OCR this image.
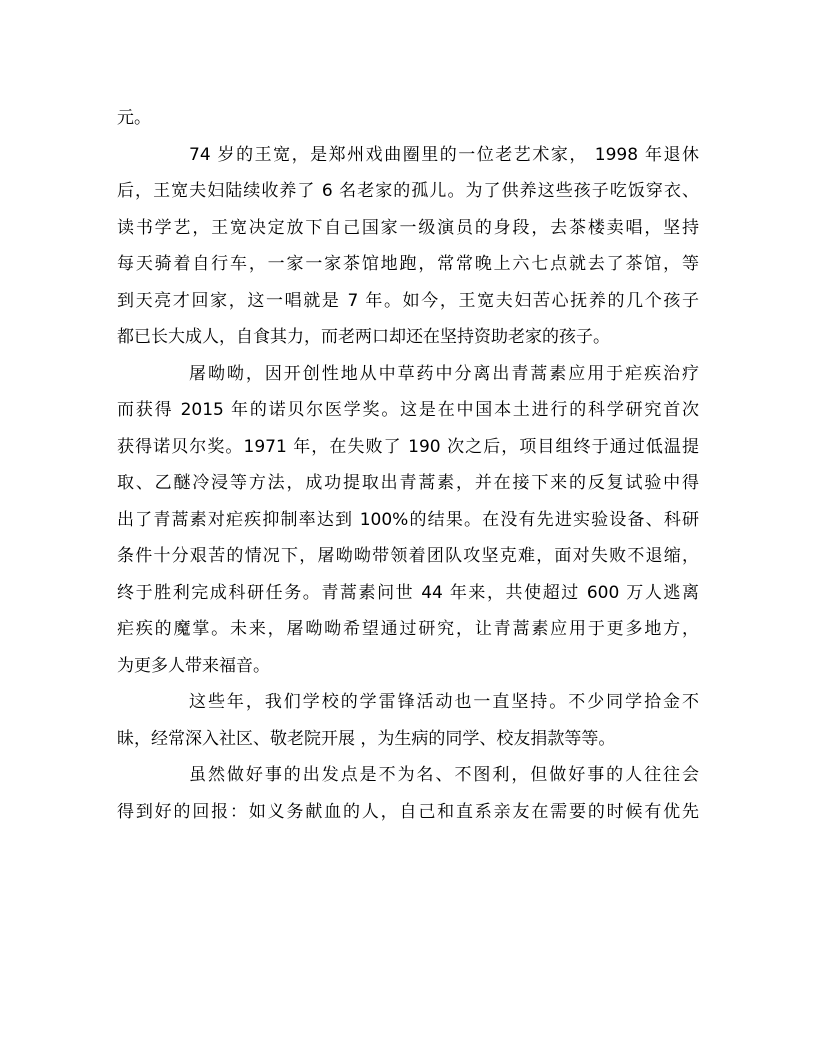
元。
74 岁的王宽，是郑州戏曲圈里的一位老艺术家， 1998 年退休
后，王宽夫妇陆续收养了 6 名老家的孤儿。为了供养这些孩子吃饭穿衣、
读书学艺，王宽决定放下自己国家一级演员的身段，去茶楼卖唱，坚持
每天骑着自行车，一家一家茶馆地跑，常常晚上六七点就去了茶馆，等
到天亮才回家，这一唱就是 7 年。如今，王宽夫妇苦心抚养的几个孩子
都已长大成人，自食其力，而老两口却还在坚持资助老家的孩子。
屠呦呦，因开创性地从中草药中分离出青蒿素应用于疟疾治疗
而获得 2015 年的诺贝尔医学奖。这是在中国本土进行的科学研究首次
获得诺贝尔奖。1971 年，在失败了 190 次之后，项目组终于通过低温提
取、乙醚冷浸等方法，成功提取出青蒿素，并在接下来的反复试验中得
出了青蒿素对疟疾抑制率达到 100%的结果。在没有先进实验设备、科研
条件十分艰苦的情况下，屠呦呦带领着团队攻坚克难，面对失败不退缩，
终于胜利完成科研任务。青蒿素问世 44 年来，共使超过 600 万人逃离
疟疾的魔掌。未来，屠呦呦希望通过研究，让青蒿素应用于更多地方，
为更多人带来福音。
这些年，我们学校的学雷锋活动也一直坚持。不少同学拾金不
昧，经常深入社区、敬老院开展 ，为生病的同学、校友捐款等等。
虽然做好事的出发点是不为名、不图利，但做好事的人往往会
得到好的回报：如义务献血的人，自己和直系亲友在需要的时候有优先
